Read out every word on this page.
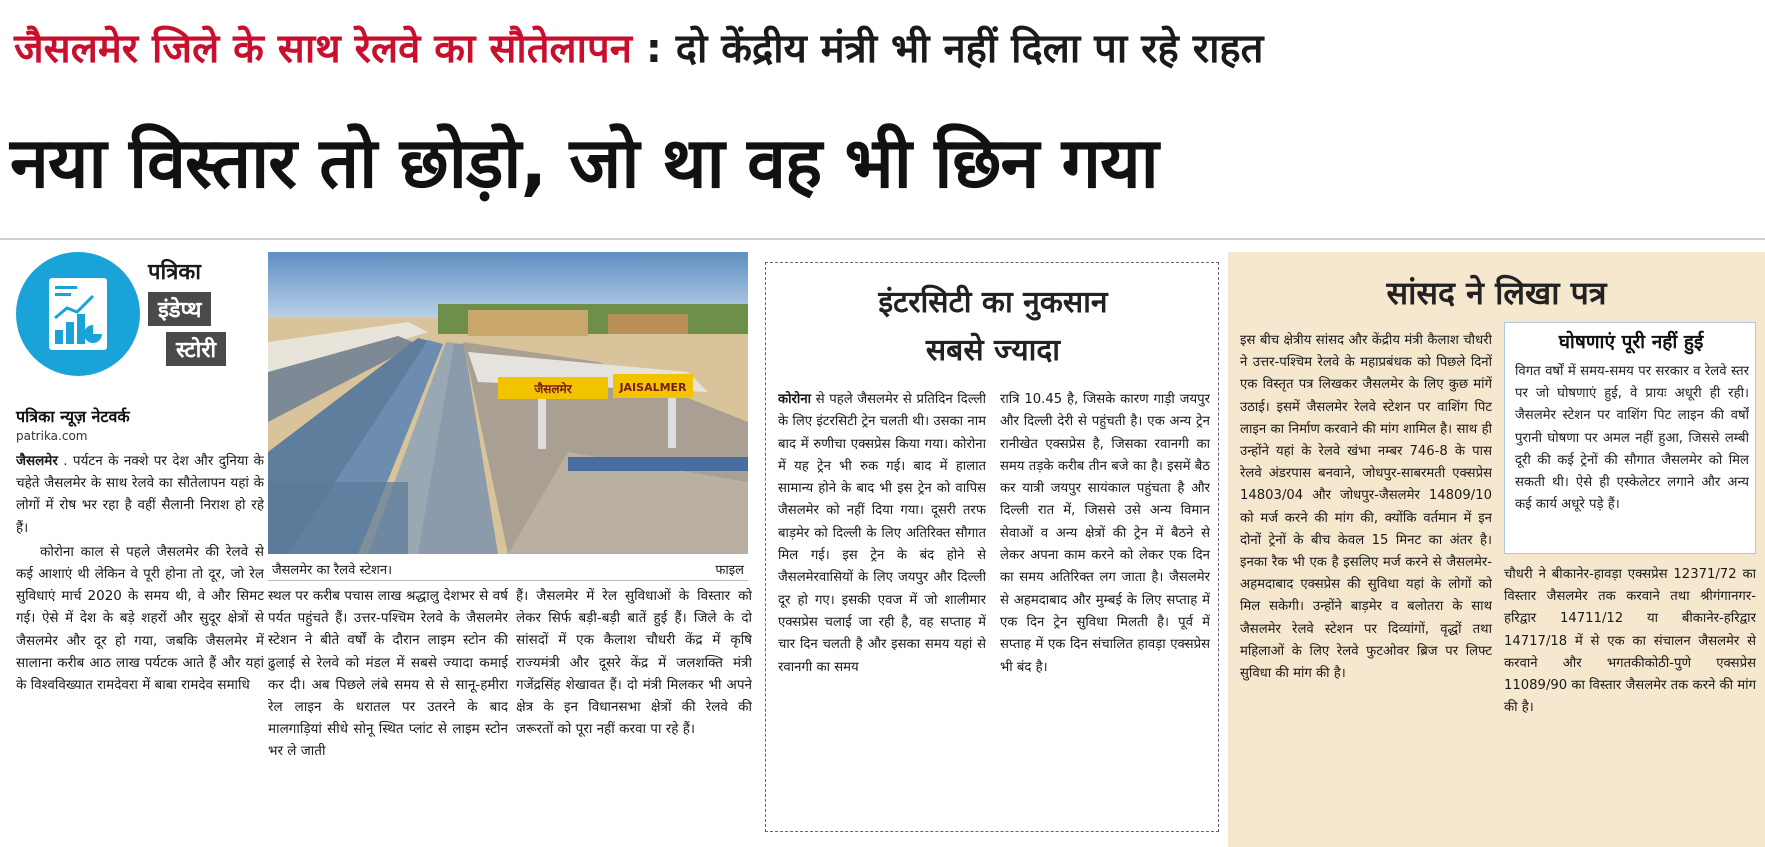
जैसलमेर जिले के साथ रेलवे का सौतेलापन : दो केंद्रीय मंत्री भी नहीं दिला पा रहे राहत
नया विस्तार तो छोड़ो, जो था वह भी छिन गया
पत्रिका
इंडेप्थ
स्टोरी
पत्रिका न्यूज़ नेटवर्क
patrika.com
जैसलमेर . पर्यटन के नक्शे पर देश और दुनिया के चहेते जैसलमेर के साथ रेलवे का सौतेलापन यहां के लोगों में रोष भर रहा है वहीं सैलानी निराश हो रहे हैं।
कोरोना काल से पहले जैसलमेर की रेलवे से कई आशाएं थी लेकिन वे पूरी होना तो दूर, जो रेल सुविधाएं मार्च 2020 के समय थी, वे और सिमट गई। ऐसे में देश के बड़े शहरों और सुदूर क्षेत्रों से जैसलमेर और दूर हो गया, जबकि जैसलमेर में सालाना करीब आठ लाख पर्यटक आते हैं और यहां के विश्वविख्यात रामदेवरा में बाबा रामदेव समाधि
जैसलमेर	JAISALMER
जैसलमेर का रैलवे स्टेशन।	फाइल
स्थल पर करीब पचास लाख श्रद्धालु देशभर से वर्ष पर्यत पहुंचते हैं। उत्तर-पश्चिम रेलवे के जैसलमेर स्टेशन ने बीते वर्षों के दौरान लाइम स्टोन की ढुलाई से रेलवे को मंडल में सबसे ज्यादा कमाई कर दी। अब पिछले लंबे समय से से सानू-हमीरा रेल लाइन के धरातल पर उतरने के बाद मालगाड़ियां सीधे सोनू स्थित प्लांट से लाइम स्टोन भर ले जाती
हैं। जैसलमेर में रेल सुविधाओं के विस्तार को लेकर सिर्फ बड़ी-बड़ी बातें हुई हैं। जिले के दो सांसदों में एक कैलाश चौधरी केंद्र में कृषि राज्यमंत्री और दूसरे केंद्र में जलशक्ति मंत्री गजेंद्रसिंह शेखावत हैं। दो मंत्री मिलकर भी अपने क्षेत्र के इन विधानसभा क्षेत्रों की रेलवे की जरूरतों को पूरा नहीं करवा पा रहे हैं।
इंटरसिटी का नुकसान
सबसे ज्यादा
कोरोना से पहले जैसलमेर से प्रतिदिन दिल्ली के लिए इंटरसिटी ट्रेन चलती थी। उसका नाम बाद में रुणीचा एक्सप्रेस किया गया। कोरोना में यह ट्रेन भी रुक गई। बाद में हालात सामान्य होने के बाद भी इस ट्रेन को वापिस जैसलमेर को नहीं दिया गया। दूसरी तरफ बाड़मेर को दिल्ली के लिए अतिरिक्त सौगात मिल गई। इस ट्रेन के बंद होने से जैसलमेरवासियों के लिए जयपुर और दिल्ली दूर हो गए। इसकी एवज में जो शालीमार एक्सप्रेस चलाई जा रही है, वह सप्ताह में चार दिन चलती है और इसका समय यहां से रवानगी का समय
रात्रि 10.45 है, जिसके कारण गाड़ी जयपुर और दिल्ली देरी से पहुंचती है। एक अन्य ट्रेन रानीखेत एक्सप्रेस है, जिसका रवानगी का समय तड़के करीब तीन बजे का है। इसमें बैठ कर यात्री जयपुर सायंकाल पहुंचता है और दिल्ली रात में, जिससे उसे अन्य विमान सेवाओं व अन्य क्षेत्रों की ट्रेन में बैठने से लेकर अपना काम करने को लेकर एक दिन का समय अतिरिक्त लग जाता है। जैसलमेर से अहमदाबाद और मुम्बई के लिए सप्ताह में एक दिन ट्रेन सुविधा मिलती है। पूर्व में सप्ताह में एक दिन संचालित हावड़ा एक्सप्रेस भी बंद है।
सांसद ने लिखा पत्र
इस बीच क्षेत्रीय सांसद और केंद्रीय मंत्री कैलाश चौधरी ने उत्तर-पश्चिम रेलवे के महाप्रबंधक को पिछले दिनों एक विस्तृत पत्र लिखकर जैसलमेर के लिए कुछ मांगें उठाई। इसमें जैसलमेर रेलवे स्टेशन पर वाशिंग पिट लाइन का निर्माण करवाने की मांग शामिल है। साथ ही उन्होंने यहां के रेलवे खंभा नम्बर 746-8 के पास रेलवे अंडरपास बनवाने, जोधपुर-साबरमती एक्सप्रेस 14803/04 और जोधपुर-जैसलमेर 14809/10 को मर्ज करने की मांग की, क्योंकि वर्तमान में इन दोनों ट्रेनों के बीच केवल 15 मिनट का अंतर है। इनका रैक भी एक है इसलिए मर्ज करने से जैसलमेर-अहमदाबाद एक्सप्रेस की सुविधा यहां के लोगों को मिल सकेगी। उन्होंने बाड़मेर व बलोतरा के साथ जैसलमेर रेलवे स्टेशन पर दिव्यांगों, वृद्धों तथा महिलाओं के लिए रेलवे फुटओवर ब्रिज पर लिफ्ट सुविधा की मांग की है।
घोषणाएं पूरी नहीं हुई
विगत वर्षों में समय-समय पर सरकार व रेलवे स्तर पर जो घोषणाएं हुई, वे प्रायः अधूरी ही रही। जैसलमेर स्टेशन पर वाशिंग पिट लाइन की वर्षों पुरानी घोषणा पर अमल नहीं हुआ, जिससे लम्बी दूरी की कई ट्रेनों की सौगात जैसलमेर को मिल सकती थी। ऐसे ही एस्केलेटर लगाने और अन्य कई कार्य अधूरे पड़े हैं।
चौधरी ने बीकानेर-हावड़ा एक्सप्रेस 12371/72 का विस्तार जैसलमेर तक करवाने तथा श्रीगंगानगर-हरिद्वार 14711/12 या बीकानेर-हरिद्वार 14717/18 में से एक का संचालन जैसलमेर से करवाने और भगतकीकोठी-पुणे एक्सप्रेस 11089/90 का विस्तार जैसलमेर तक करने की मांग की है।
